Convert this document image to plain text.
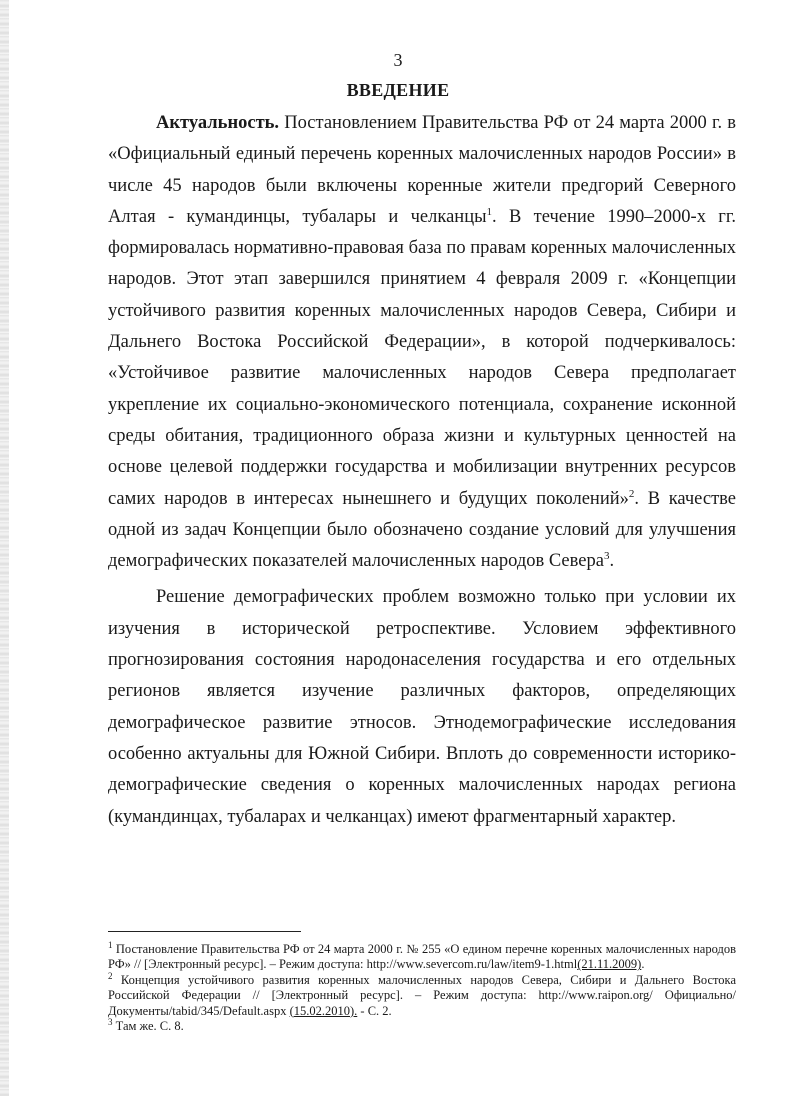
3
ВВЕДЕНИЕ

Актуальность. Постановлением Правительства РФ от 24 марта 2000 г. в «Официальный единый перечень коренных малочисленных народов России» в числе 45 народов были включены коренные жители предгорий Северного Алтая - кумандинцы, тубалары и челканцы$^1$. В течение 1990–2000-х гг. формировалась нормативно-правовая база по правам коренных малочисленных народов. Этот этап завершился принятием 4 февраля 2009 г. «Концепции устойчивого развития коренных малочисленных народов Севера, Сибири и Дальнего Востока Российской Федерации», в которой подчеркивалось: «Устойчивое развитие малочисленных народов Севера предполагает укрепление их социально-экономического потенциала, сохранение исконной среды обитания, традиционного образа жизни и культурных ценностей на основе целевой поддержки государства и мобилизации внутренних ресурсов самих народов в интересах нынешнего и будущих поколений»$^2$. В качестве одной из задач Концепции было обозначено создание условий для улучшения демографических показателей малочисленных народов Севера$^3$.

Решение демографических проблем возможно только при условии их изучения в исторической ретроспективе. Условием эффективного прогнозирования состояния народонаселения государства и его отдельных регионов является изучение различных факторов, определяющих демографическое развитие этносов. Этнодемографические исследования особенно актуальны для Южной Сибири. Вплоть до современности историко-демографические сведения о коренных малочисленных народах региона (кумандинцах, тубаларах и челканцах) имеют фрагментарный характер.

$^1$ Постановление Правительства РФ от 24 марта 2000 г. № 255 «О едином перечне коренных малочисленных народов РФ» // [Электронный ресурс]. – Режим доступа: http://www.severcom.ru/law/item9-1.html(21.11.2009).

$^2$ Концепция устойчивого развития коренных малочисленных народов Севера, Сибири и Дальнего Востока Российской Федерации // [Электронный ресурс]. – Режим доступа: http://www.raipon.org/ Официально/Документы/tabid/345/Default.aspx (15.02.2010). - С. 2.

$^3$ Там же. С. 8.
